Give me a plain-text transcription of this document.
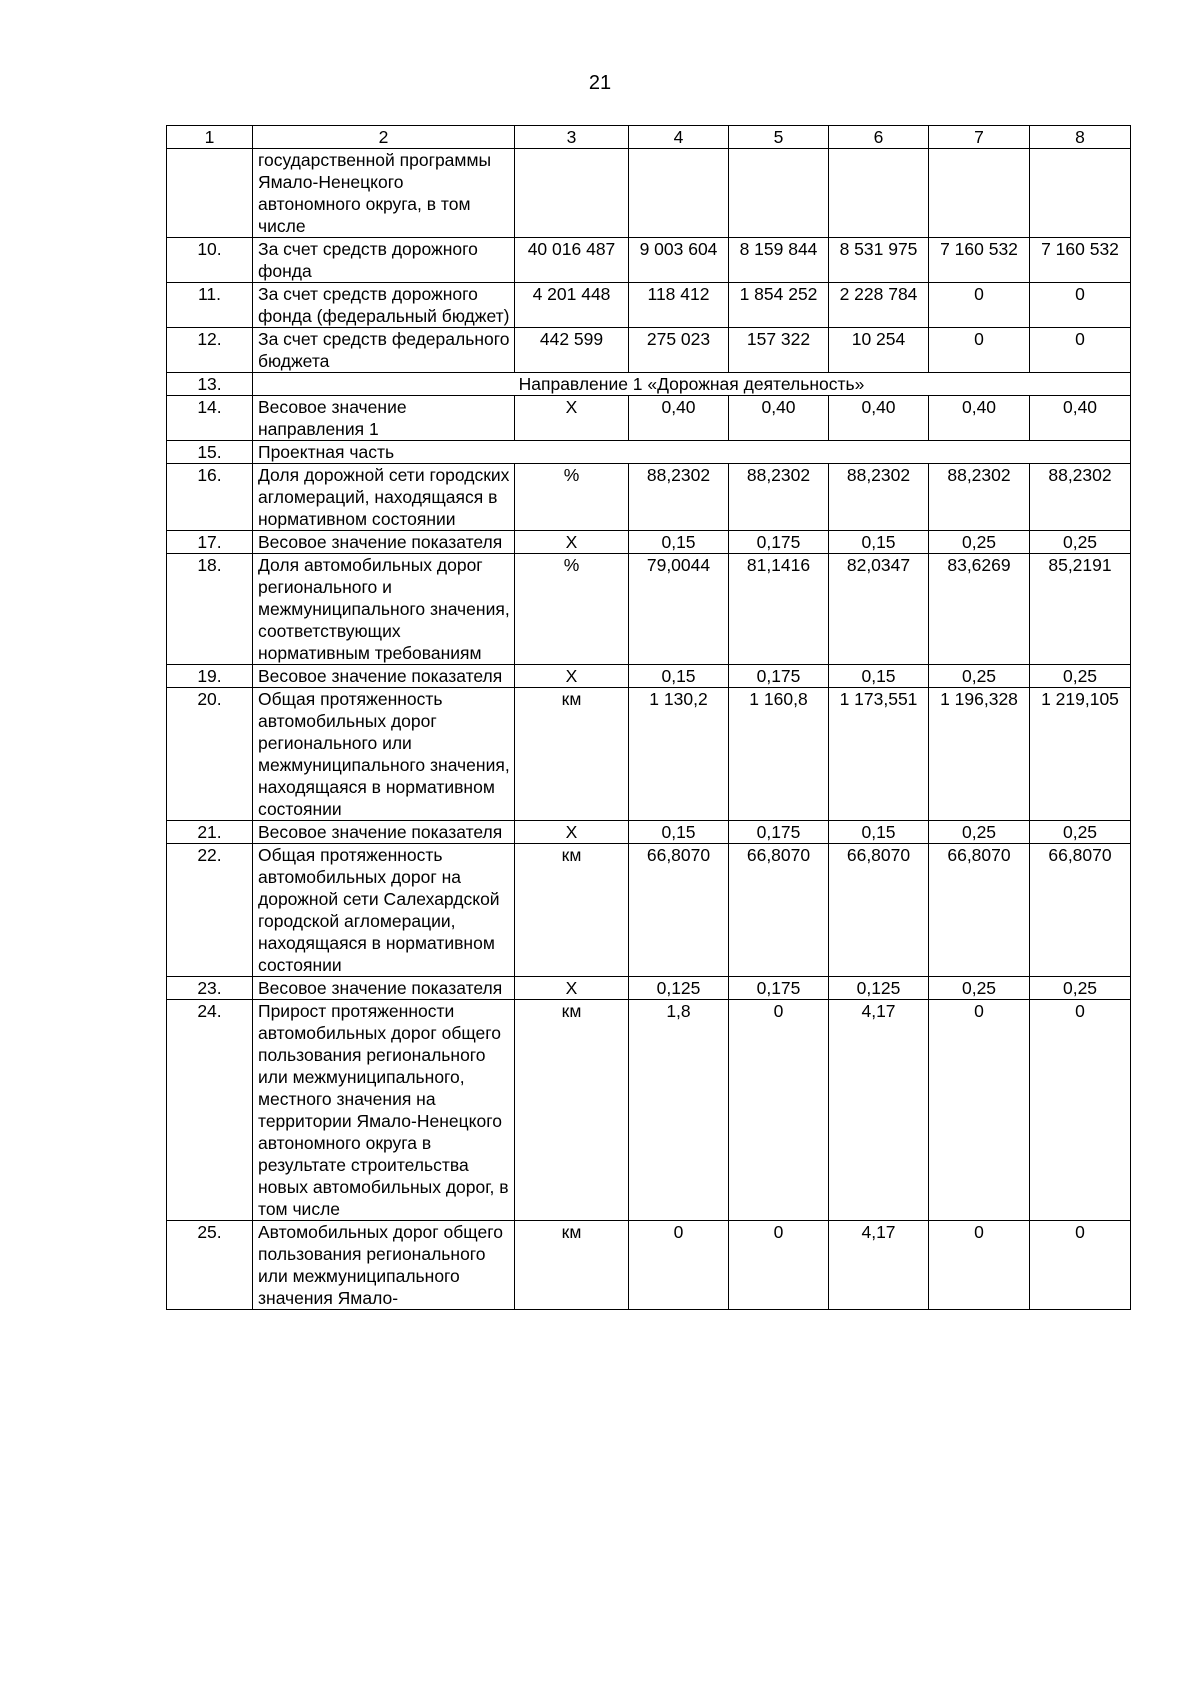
21
1	2	3	4	5	6	7	8
	государственной программы Ямало-Ненецкого автономного округа, в том числе						
10.	За счет средств дорожного фонда	40 016 487	9 003 604	8 159 844	8 531 975	7 160 532	7 160 532
11.	За счет средств дорожного фонда (федеральный бюджет)	4 201 448	118 412	1 854 252	2 228 784	0	0
12.	За счет средств федерального бюджета	442 599	275 023	157 322	10 254	0	0
13.	Направление 1 «Дорожная деятельность»						
14.	Весовое значение направления 1	X	0,40	0,40	0,40	0,40	0,40
15.	Проектная часть						
16.	Доля дорожной сети городских агломераций, находящаяся в нормативном состоянии	%	88,2302	88,2302	88,2302	88,2302	88,2302
17.	Весовое значение показателя	X	0,15	0,175	0,15	0,25	0,25
18.	Доля автомобильных дорог регионального и межмуниципального значения, соответствующих нормативным требованиям	%	79,0044	81,1416	82,0347	83,6269	85,2191
19.	Весовое значение показателя	X	0,15	0,175	0,15	0,25	0,25
20.	Общая протяженность автомобильных дорог регионального или межмуниципального значения, находящаяся в нормативном состоянии	км	1 130,2	1 160,8	1 173,551	1 196,328	1 219,105
21.	Весовое значение показателя	X	0,15	0,175	0,15	0,25	0,25
22.	Общая протяженность автомобильных дорог на дорожной сети Салехардской городской агломерации, находящаяся в нормативном состоянии	км	66,8070	66,8070	66,8070	66,8070	66,8070
23.	Весовое значение показателя	X	0,125	0,175	0,125	0,25	0,25
24.	Прирост протяженности автомобильных дорог общего пользования регионального или межмуниципального, местного значения на территории Ямало-Ненецкого автономного округа в результате строительства новых автомобильных дорог, в том числе	км	1,8	0	4,17	0	0
25.	Автомобильных дорог общего пользования регионального или межмуниципального значения Ямало-	км	0	0	4,17	0	0
